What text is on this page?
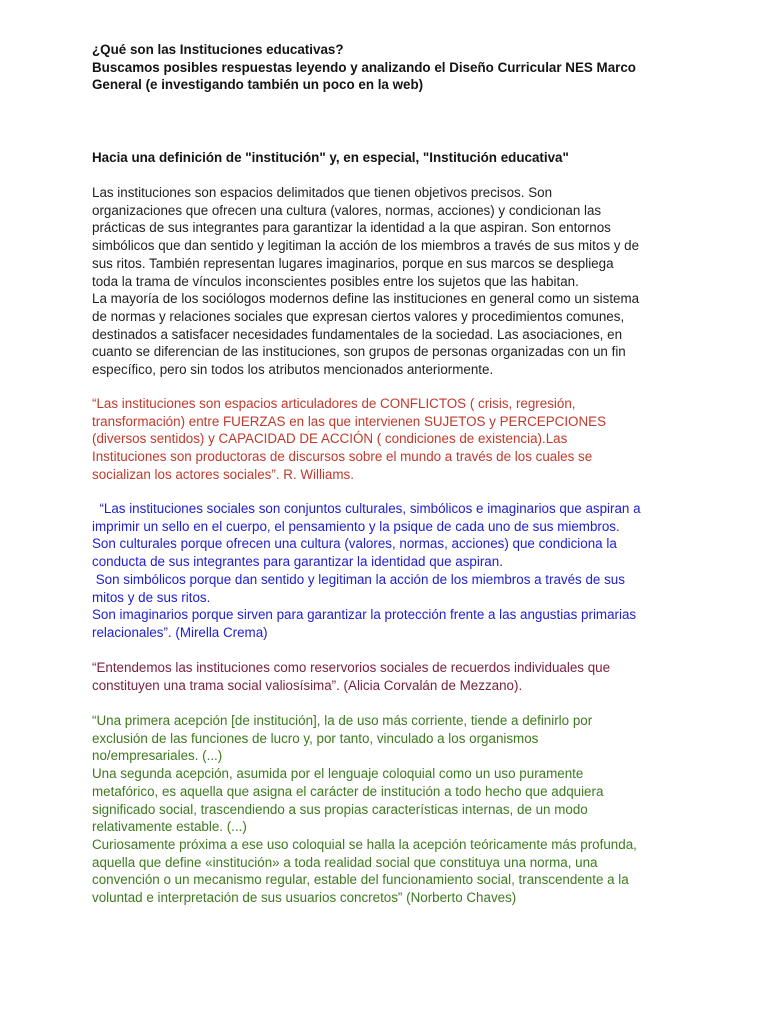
¿Qué son las Instituciones educativas?
Buscamos posibles respuestas leyendo y analizando el Diseño Curricular NES Marco
General (e investigando también un poco en la web)
Hacia una definición de "institución" y, en especial, "Institución educativa"
Las instituciones son espacios delimitados que tienen objetivos precisos. Son
organizaciones que ofrecen una cultura (valores, normas, acciones) y condicionan las
prácticas de sus integrantes para garantizar la identidad a la que aspiran. Son entornos
simbólicos que dan sentido y legitiman la acción de los miembros a través de sus mitos y de
sus ritos. También representan lugares imaginarios, porque en sus marcos se despliega
toda la trama de vínculos inconscientes posibles entre los sujetos que las habitan.
La mayoría de los sociólogos modernos define las instituciones en general como un sistema
de normas y relaciones sociales que expresan ciertos valores y procedimientos comunes,
destinados a satisfacer necesidades fundamentales de la sociedad. Las asociaciones, en
cuanto se diferencian de las instituciones, son grupos de personas organizadas con un fin
específico, pero sin todos los atributos mencionados anteriormente.
“Las instituciones son espacios articuladores de CONFLICTOS ( crisis, regresión,
transformación) entre FUERZAS en las que intervienen SUJETOS y PERCEPCIONES
(diversos sentidos) y CAPACIDAD DE ACCIÓN ( condiciones de existencia).Las
Instituciones son productoras de discursos sobre el mundo a través de los cuales se
socializan los actores sociales”. R. Williams.
“Las instituciones sociales son conjuntos culturales, simbólicos e imaginarios que aspiran a
imprimir un sello en el cuerpo, el pensamiento y la psique de cada uno de sus miembros.
Son culturales porque ofrecen una cultura (valores, normas, acciones) que condiciona la
conducta de sus integrantes para garantizar la identidad que aspiran.
Son simbólicos porque dan sentido y legitiman la acción de los miembros a través de sus
mitos y de sus ritos.
Son imaginarios porque sirven para garantizar la protección frente a las angustias primarias
relacionales”. (Mirella Crema)
“Entendemos las instituciones como reservorios sociales de recuerdos individuales que
constituyen una trama social valiosísima”. (Alicia Corvalán de Mezzano).
“Una primera acepción [de institución], la de uso más corriente, tiende a definirlo por
exclusión de las funciones de lucro y, por tanto, vinculado a los organismos
no/empresariales. (...)
Una segunda acepción, asumida por el lenguaje coloquial como un uso puramente
metafórico, es aquella que asigna el carácter de institución a todo hecho que adquiera
significado social, trascendiendo a sus propias características internas, de un modo
relativamente estable. (...)
Curiosamente próxima a ese uso coloquial se halla la acepción teóricamente más profunda,
aquella que define «institución» a toda realidad social que constituya una norma, una
convención o un mecanismo regular, estable del funcionamiento social, transcendente a la
voluntad e interpretación de sus usuarios concretos” (Norberto Chaves)
